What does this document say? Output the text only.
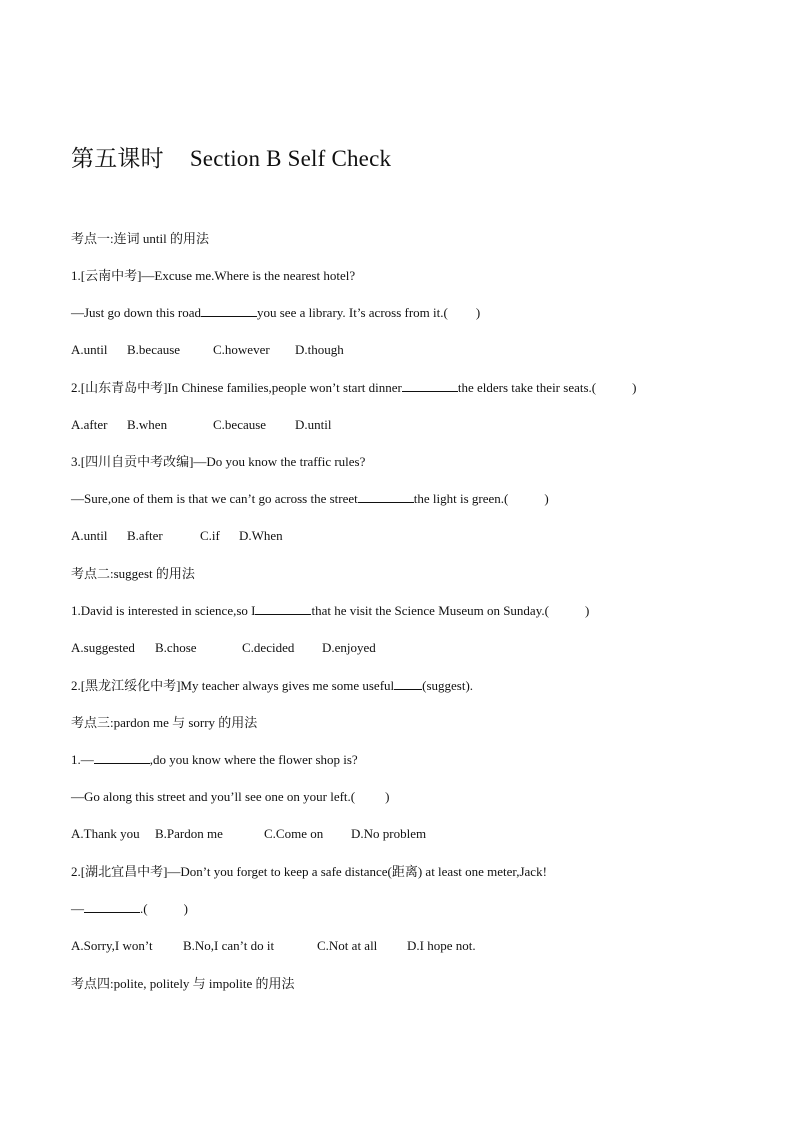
第五课时 Section B Self Check
考点一:连词 until 的用法
1.[云南中考]—Excuse me.Where is the nearest hotel?
—Just go down this road	you see a library. It’s across from it.( )
A.until B.because	C.however D.though
2.[山东青岛中考]In Chinese families,people won’t start dinner	the elders take their seats.(	)
A.after B.when	C.because D.until
3.[四川自贡中考改编]—Do you know the traffic rules?
—Sure,one of them is that we can’t go across the street	the light is green.(	)
A.until B.after	C.if D.When
考点二:suggest 的用法
1.David is interested in science,so I	that he visit the Science Museum on Sunday.(	)
A.suggested B.chose	C.decided D.enjoyed
2.[黑龙江绥化中考]My teacher always gives me some useful (suggest).
考点三:pardon me 与 sorry 的用法
1.—	,do you know where the flower shop is?
—Go along this street and you’ll see one on your left.( )
A.Thank you B.Pardon me	C.Come on D.No problem
2.[湖北宜昌中考]—Don’t you forget to keep a safe distance(距离) at least one meter,Jack!
—	.(	)
A.Sorry,I won’t B.No,I can’t do it	C.Not at all D.I hope not.
考点四:polite, politely 与 impolite 的用法
